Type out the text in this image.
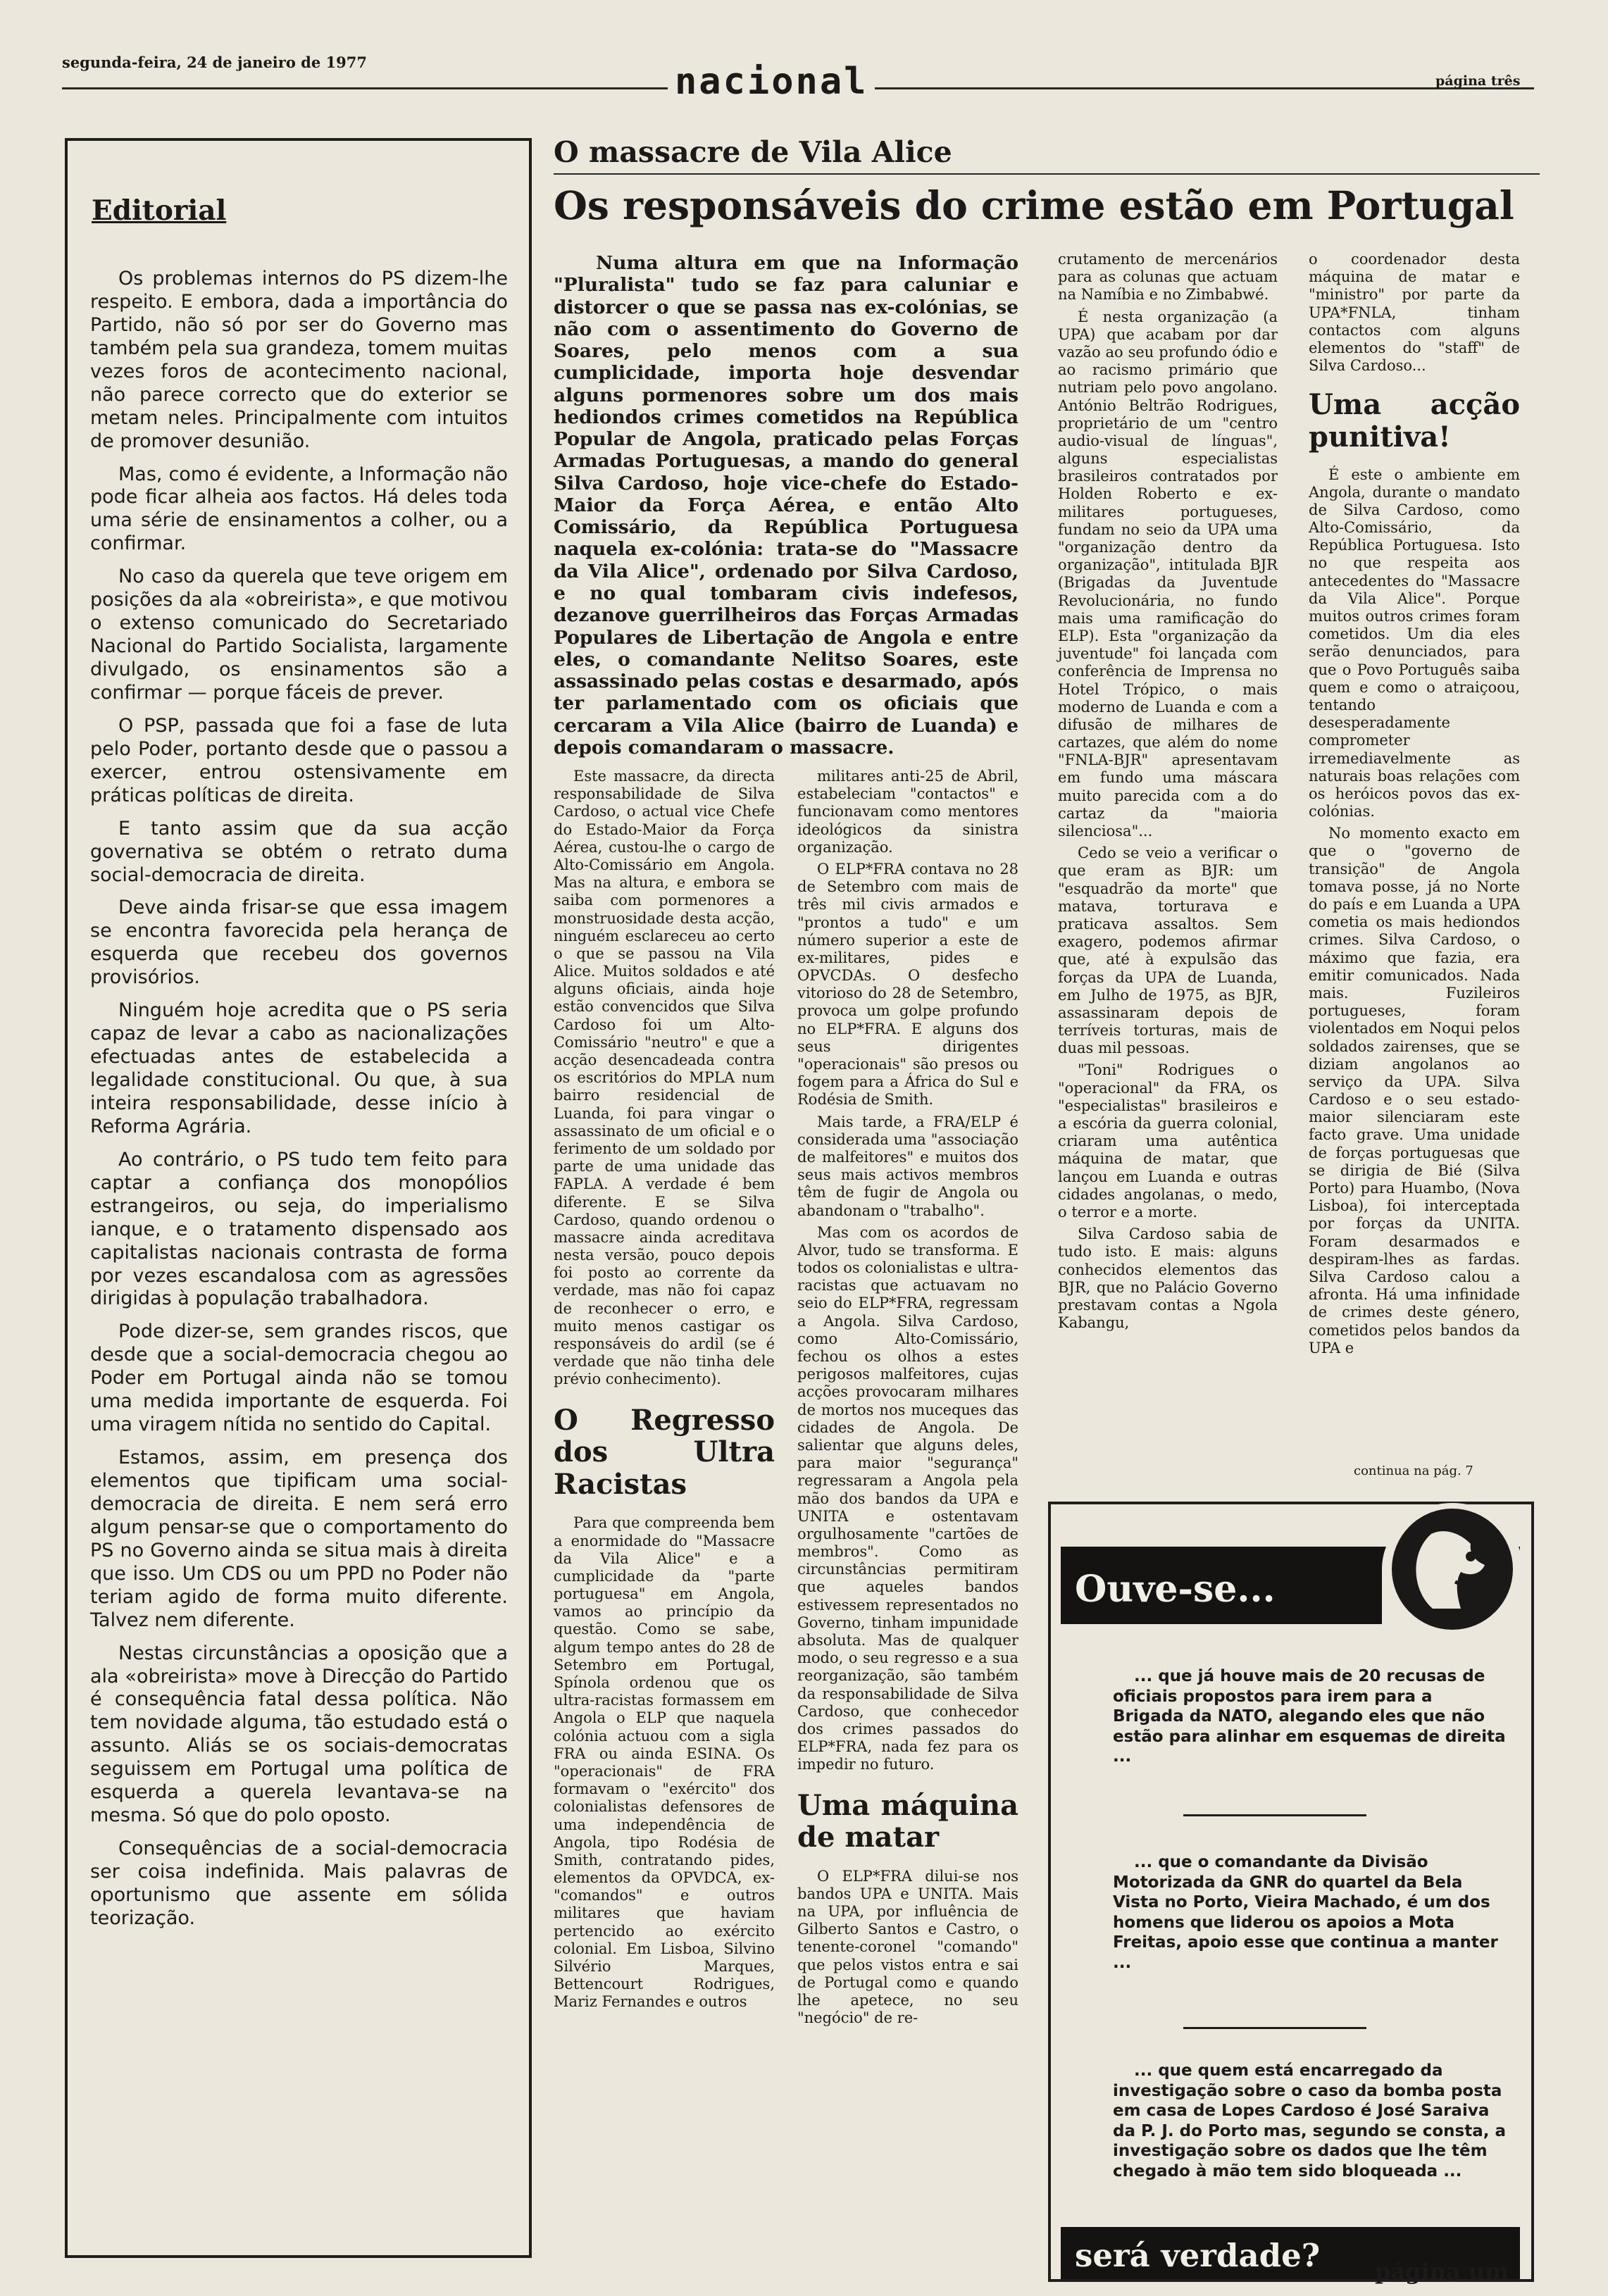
segunda-feira, 24 de janeiro de 1977	nacional	página três
Editorial

Os problemas internos do PS dizem-lhe respeito. E embora, dada a importância do Partido, não só por ser do Governo mas também pela sua grandeza, tomem muitas vezes foros de acontecimento nacional, não parece correcto que do exterior se metam neles. Principalmente com intuitos de promover desunião.

Mas, como é evidente, a Informação não pode ficar alheia aos factos. Há deles toda uma série de ensinamentos a colher, ou a confirmar.

No caso da querela que teve origem em posições da ala «obreirista», e que motivou o extenso comunicado do Secretariado Nacional do Partido Socialista, largamente divulgado, os ensinamentos são a confirmar — porque fáceis de prever.

O PSP, passada que foi a fase de luta pelo Poder, portanto desde que o passou a exercer, entrou ostensivamente em práticas políticas de direita.

E tanto assim que da sua acção governativa se obtém o retrato duma social-democracia de direita.

Deve ainda frisar-se que essa imagem se encontra favorecida pela herança de esquerda que recebeu dos governos provisórios.

Ninguém hoje acredita que o PS seria capaz de levar a cabo as nacionalizações efectuadas antes de estabelecida a legalidade constitucional. Ou que, à sua inteira responsabilidade, desse início à Reforma Agrária.

Ao contrário, o PS tudo tem feito para captar a confiança dos monopólios estrangeiros, ou seja, do imperialismo ianque, e o tratamento dispensado aos capitalistas nacionais contrasta de forma por vezes escandalosa com as agressões dirigidas à população trabalhadora.

Pode dizer-se, sem grandes riscos, que desde que a social-democracia chegou ao Poder em Portugal ainda não se tomou uma medida importante de esquerda. Foi uma viragem nítida no sentido do Capital.

Estamos, assim, em presença dos elementos que tipificam uma social-democracia de direita. E nem será erro algum pensar-se que o comportamento do PS no Governo ainda se situa mais à direita que isso. Um CDS ou um PPD no Poder não teriam agido de forma muito diferente. Talvez nem diferente.

Nestas circunstâncias a oposição que a ala «obreirista» move à Direcção do Partido é consequência fatal dessa política. Não tem novidade alguma, tão estudado está o assunto. Aliás se os sociais-democratas seguissem em Portugal uma política de esquerda a querela levantava-se na mesma. Só que do polo oposto.

Consequências de a social-democracia ser coisa indefinida. Mais palavras de oportunismo que assente em sólida teorização.

O massacre de Vila Alice
Os responsáveis do crime estão em Portugal
Numa altura em que na Informação "Pluralista" tudo se faz para caluniar e distorcer o que se passa nas ex-colónias, se não com o assentimento do Governo de Soares, pelo menos com a sua cumplicidade, importa hoje desvendar alguns pormenores sobre um dos mais hediondos crimes cometidos na República Popular de Angola, praticado pelas Forças Armadas Portuguesas, a mando do general Silva Cardoso, hoje vice-chefe do Estado-Maior da Força Aérea, e então Alto Comissário, da República Portuguesa naquela ex-colónia: trata-se do "Massacre da Vila Alice", ordenado por Silva Cardoso, e no qual tombaram civis indefesos, dezanove guerrilheiros das Forças Armadas Populares de Libertação de Angola e entre eles, o comandante Nelitso Soares, este assassinado pelas costas e desarmado, após ter parlamentado com os oficiais que cercaram a Vila Alice (bairro de Luanda) e depois comandaram o massacre.

Este massacre, da directa responsabilidade de Silva Cardoso, o actual vice Chefe do Estado-Maior da Força Aérea, custou-lhe o cargo de Alto-Comissário em Angola. Mas na altura, e embora se saiba com pormenores a monstruosidade desta acção, ninguém esclareceu ao certo o que se passou na Vila Alice. Muitos soldados e até alguns oficiais, ainda hoje estão convencidos que Silva Cardoso foi um Alto-Comissário "neutro" e que a acção desencadeada contra os escritórios do MPLA num bairro residencial de Luanda, foi para vingar o assassinato de um oficial e o ferimento de um soldado por parte de uma unidade das FAPLA. A verdade é bem diferente. E se Silva Cardoso, quando ordenou o massacre ainda acreditava nesta versão, pouco depois foi posto ao corrente da verdade, mas não foi capaz de reconhecer o erro, e muito menos castigar os responsáveis do ardil (se é verdade que não tinha dele prévio conhecimento).

O Regresso dos Ultra Racistas

Para que compreenda bem a enormidade do "Massacre da Vila Alice" e a cumplicidade da "parte portuguesa" em Angola, vamos ao princípio da questão. Como se sabe, algum tempo antes do 28 de Setembro em Portugal, Spínola ordenou que os ultra-racistas formassem em Angola o ELP que naquela colónia actuou com a sigla FRA ou ainda ESINA. Os "operacionais" de FRA formavam o "exército" dos colonialistas defensores de uma independência de Angola, tipo Rodésia de Smith, contratando pides, elementos da OPVDCA, ex-"comandos" e outros militares que haviam pertencido ao exército colonial. Em Lisboa, Silvino Silvério Marques, Bettencourt Rodrigues, Mariz Fernandes e outros

militares anti-25 de Abril, estabeleciam "contactos" e funcionavam como mentores ideológicos da sinistra organização.

O ELP*FRA contava no 28 de Setembro com mais de três mil civis armados e "prontos a tudo" e um número superior a este de ex-militares, pides e OPVCDAs. O desfecho vitorioso do 28 de Setembro, provoca um golpe profundo no ELP*FRA. E alguns dos seus dirigentes "operacionais" são presos ou fogem para a África do Sul e Rodésia de Smith.

Mais tarde, a FRA/ELP é considerada uma "associação de malfeitores" e muitos dos seus mais activos membros têm de fugir de Angola ou abandonam o "trabalho".

Mas com os acordos de Alvor, tudo se transforma. E todos os colonialistas e ultra-racistas que actuavam no seio do ELP*FRA, regressam a Angola. Silva Cardoso, como Alto-Comissário, fechou os olhos a estes perigosos malfeitores, cujas acções provocaram milhares de mortos nos muceques das cidades de Angola. De salientar que alguns deles, para maior "segurança" regressaram a Angola pela mão dos bandos da UPA e UNITA e ostentavam orgulhosamente "cartões de membros". Como as circunstâncias permitiram que aqueles bandos estivessem representados no Governo, tinham impunidade absoluta. Mas de qualquer modo, o seu regresso e a sua reorganização, são também da responsabilidade de Silva Cardoso, que conhecedor dos crimes passados do ELP*FRA, nada fez para os impedir no futuro.

Uma máquina de matar

O ELP*FRA dilui-se nos bandos UPA e UNITA. Mais na UPA, por influência de Gilberto Santos e Castro, o tenente-coronel "comando" que pelos vistos entra e sai de Portugal como e quando lhe apetece, no seu "negócio" de re-

crutamento de mercenários para as colunas que actuam na Namíbia e no Zimbabwé.

É nesta organização (a UPA) que acabam por dar vazão ao seu profundo ódio e ao racismo primário que nutriam pelo povo angolano. António Beltrão Rodrigues, proprietário de um "centro audio-visual de línguas", alguns especialistas brasileiros contratados por Holden Roberto e ex-militares portugueses, fundam no seio da UPA uma "organização dentro da organização", intitulada BJR (Brigadas da Juventude Revolucionária, no fundo mais uma ramificação do ELP). Esta "organização da juventude" foi lançada com conferência de Imprensa no Hotel Trópico, o mais moderno de Luanda e com a difusão de milhares de cartazes, que além do nome "FNLA-BJR" apresentavam em fundo uma máscara muito parecida com a do cartaz da "maioria silenciosa"...

Cedo se veio a verificar o que eram as BJR: um "esquadrão da morte" que matava, torturava e praticava assaltos. Sem exagero, podemos afirmar que, até à expulsão das forças da UPA de Luanda, em Julho de 1975, as BJR, assassinaram depois de terríveis torturas, mais de duas mil pessoas.

"Toni" Rodrigues o "operacional" da FRA, os "especialistas" brasileiros e a escória da guerra colonial, criaram uma autêntica máquina de matar, que lançou em Luanda e outras cidades angolanas, o medo, o terror e a morte.

Silva Cardoso sabia de tudo isto. E mais: alguns conhecidos elementos das BJR, que no Palácio Governo prestavam contas a Ngola Kabangu,

o coordenador desta máquina de matar e "ministro" por parte da UPA*FNLA, tinham contactos com alguns elementos do "staff" de Silva Cardoso...

Uma acção punitiva!

É este o ambiente em Angola, durante o mandato de Silva Cardoso, como Alto-Comissário, da República Portuguesa. Isto no que respeita aos antecedentes do "Massacre da Vila Alice". Porque muitos outros crimes foram cometidos. Um dia eles serão denunciados, para que o Povo Português saiba quem e como o atraiçoou, tentando desesperadamente comprometer irremediavelmente as naturais boas relações com os heróicos povos das ex-colónias.

No momento exacto em que o "governo de transição" de Angola tomava posse, já no Norte do país e em Luanda a UPA cometia os mais hediondos crimes. Silva Cardoso, o máximo que fazia, era emitir comunicados. Nada mais. Fuzileiros portugueses, foram violentados em Noqui pelos soldados zairenses, que se diziam angolanos ao serviço da UPA. Silva Cardoso e o seu estado-maior silenciaram este facto grave. Uma unidade de forças portuguesas que se dirigia de Bié (Silva Porto) para Huambo, (Nova Lisboa), foi interceptada por forças da UNITA. Foram desarmados e despiram-lhes as fardas. Silva Cardoso calou a afronta. Há uma infinidade de crimes deste género, cometidos pelos bandos da UPA e

continua na pág. 7
Ouve-se...
... que já houve mais de 20 recusas de oficiais propostos para irem para a Brigada da NATO, alegando eles que não estão para alinhar em esquemas de direita ...
... que o comandante da Divisão Motorizada da GNR do quartel da Bela Vista no Porto, Vieira Machado, é um dos homens que liderou os apoios a Mota Freitas, apoio esse que continua a manter ...
... que quem está encarregado da investigação sobre o caso da bomba posta em casa de Lopes Cardoso é José Saraiva da P. J. do Porto mas, segundo se consta, a investigação sobre os dados que lhe têm chegado à mão tem sido bloqueada ...
será verdade?	página um
